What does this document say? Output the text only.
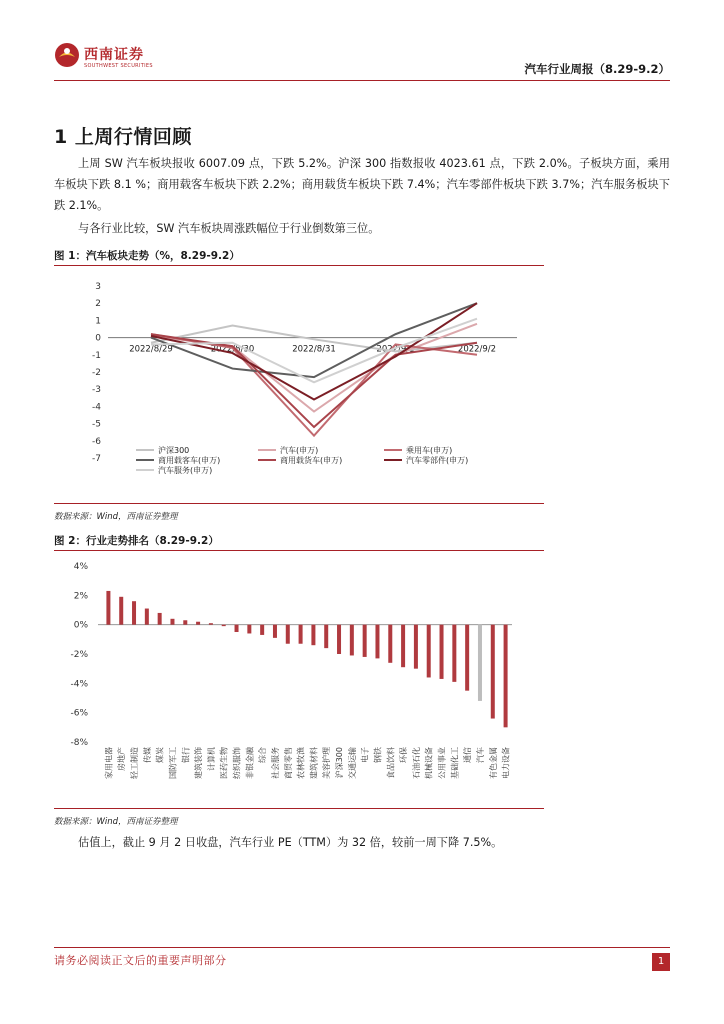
西南证券
SOUTHWEST SECURITIES	汽车行业周报（8.29-9.2）
1 上周行情回顾

上周 SW 汽车板块报收 6007.09 点，下跌 5.2%。沪深 300 指数报收 4023.61 点，下跌 2.0%。子板块方面，乘用车板块下跌 8.1 %；商用载客车板块下跌 2.2%；商用载货车板块下跌 7.4%；汽车零部件板块下跌 3.7%；汽车服务板块下跌 2.1%。

与各行业比较，SW 汽车板块周涨跌幅位于行业倒数第三位。

图 1：汽车板块走势（%，8.29-9.2）
3
2
1
0
-1
-2
-3
-4
-5
-6
-7
2022/8/29	2022/8/30	2022/8/31	2022/9/1	2022/9/2
沪深300	汽车(申万)	乘用车(申万)
商用载客车(申万)	商用载货车(申万)	汽车零部件(申万)
汽车服务(申万)
数据来源：Wind，西南证券整理
图 2：行业走势排名（8.29-9.2）
4%
2%
0%
-2%
-4%
-6%
-8%
家用电器 房地产 轻工制造 传媒 煤炭 国防军工 银行 建筑装饰 计算机 医药生物 纺织服饰 非银金融 综合 社会服务 商贸零售 农林牧渔 建筑材料 美容护理 沪深300 交通运输 电子 钢铁 食品饮料 环保 石油石化 机械设备 公用事业 基础化工 通信 汽车 有色金属 电力设备
数据来源：Wind，西南证券整理

估值上，截止 9 月 2 日收盘，汽车行业 PE（TTM）为 32 倍，较前一周下降 7.5%。

请务必阅读正文后的重要声明部分	1
